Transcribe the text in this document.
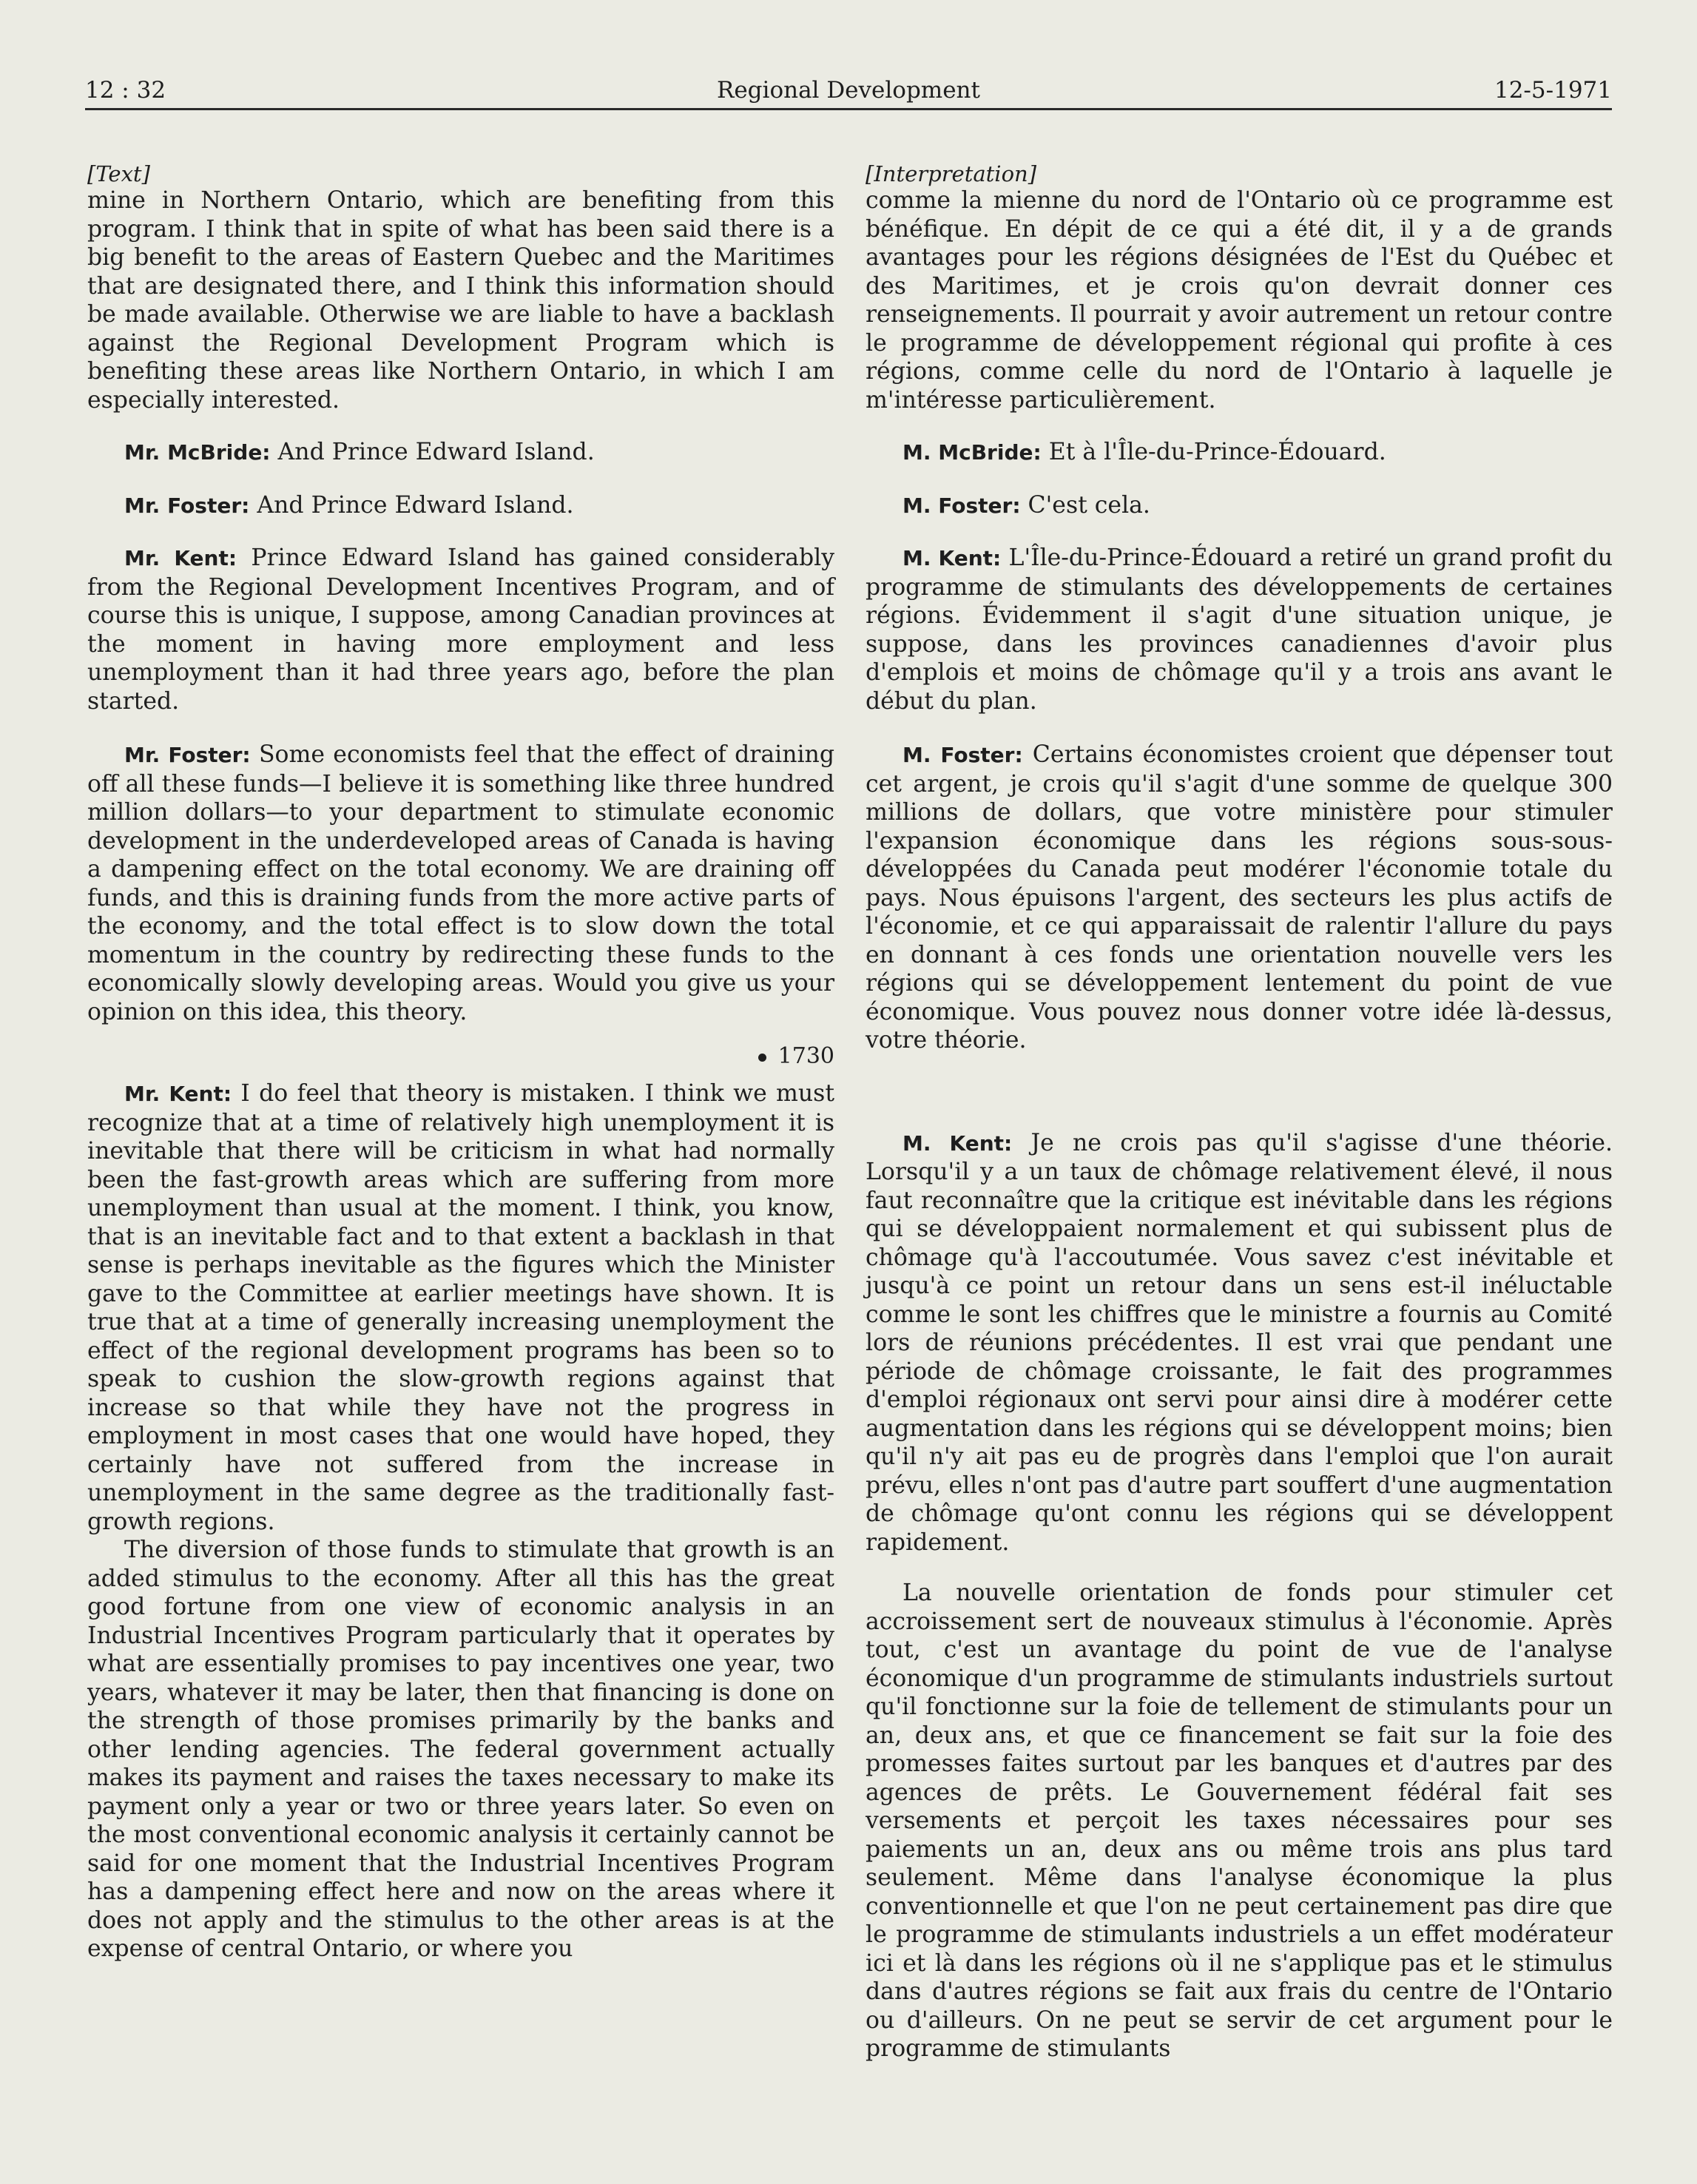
12 : 32	Regional Development	12-5-1971
[Text]

mine in Northern Ontario, which are benefiting from this program. I think that in spite of what has been said there is a big benefit to the areas of Eastern Quebec and the Maritimes that are designated there, and I think this information should be made available. Otherwise we are liable to have a backlash against the Regional Development Program which is benefiting these areas like Northern Ontario, in which I am especially interested.

Mr. McBride: And Prince Edward Island.

Mr. Foster: And Prince Edward Island.

Mr. Kent: Prince Edward Island has gained considerably from the Regional Development Incentives Program, and of course this is unique, I suppose, among Canadian provinces at the moment in having more employment and less unemployment than it had three years ago, before the plan started.

Mr. Foster: Some economists feel that the effect of draining off all these funds—I believe it is something like three hundred million dollars—to your department to stimulate economic development in the underdeveloped areas of Canada is having a dampening effect on the total economy. We are draining off funds, and this is draining funds from the more active parts of the economy, and the total effect is to slow down the total momentum in the country by redirecting these funds to the economically slowly developing areas. Would you give us your opinion on this idea, this theory.

1730

Mr. Kent: I do feel that theory is mistaken. I think we must recognize that at a time of relatively high unemployment it is inevitable that there will be criticism in what had normally been the fast-growth areas which are suffering from more unemployment than usual at the moment. I think, you know, that is an inevitable fact and to that extent a backlash in that sense is perhaps inevitable as the figures which the Minister gave to the Committee at earlier meetings have shown. It is true that at a time of generally increasing unemployment the effect of the regional development programs has been so to speak to cushion the slow-growth regions against that increase so that while they have not the progress in employment in most cases that one would have hoped, they certainly have not suffered from the increase in unemployment in the same degree as the traditionally fast-growth regions.

The diversion of those funds to stimulate that growth is an added stimulus to the economy. After all this has the great good fortune from one view of economic analysis in an Industrial Incentives Program particularly that it operates by what are essentially promises to pay incentives one year, two years, whatever it may be later, then that financing is done on the strength of those promises primarily by the banks and other lending agencies. The federal government actually makes its payment and raises the taxes necessary to make its payment only a year or two or three years later. So even on the most conventional economic analysis it certainly cannot be said for one moment that the Industrial Incentives Program has a dampening effect here and now on the areas where it does not apply and the stimulus to the other areas is at the expense of central Ontario, or where you

[Interpretation]

comme la mienne du nord de l'Ontario où ce programme est bénéfique. En dépit de ce qui a été dit, il y a de grands avantages pour les régions désignées de l'Est du Québec et des Maritimes, et je crois qu'on devrait donner ces renseignements. Il pourrait y avoir autrement un retour contre le programme de développement régional qui profite à ces régions, comme celle du nord de l'Ontario à laquelle je m'intéresse particulièrement.

M. McBride: Et à l'Île-du-Prince-Édouard.

M. Foster: C'est cela.

M. Kent: L'Île-du-Prince-Édouard a retiré un grand profit du programme de stimulants des développements de certaines régions. Évidemment il s'agit d'une situation unique, je suppose, dans les provinces canadiennes d'avoir plus d'emplois et moins de chômage qu'il y a trois ans avant le début du plan.

M. Foster: Certains économistes croient que dépenser tout cet argent, je crois qu'il s'agit d'une somme de quelque 300 millions de dollars, que votre ministère pour stimuler l'expansion économique dans les régions sous-sous-développées du Canada peut modérer l'économie totale du pays. Nous épuisons l'argent, des secteurs les plus actifs de l'économie, et ce qui apparaissait de ralentir l'allure du pays en donnant à ces fonds une orientation nouvelle vers les régions qui se développement lentement du point de vue économique. Vous pouvez nous donner votre idée là-dessus, votre théorie.

M. Kent: Je ne crois pas qu'il s'agisse d'une théorie. Lorsqu'il y a un taux de chômage relativement élevé, il nous faut reconnaître que la critique est inévitable dans les régions qui se développaient normalement et qui subissent plus de chômage qu'à l'accoutumée. Vous savez c'est inévitable et jusqu'à ce point un retour dans un sens est-il inéluctable comme le sont les chiffres que le ministre a fournis au Comité lors de réunions précédentes. Il est vrai que pendant une période de chômage croissante, le fait des programmes d'emploi régionaux ont servi pour ainsi dire à modérer cette augmentation dans les régions qui se développent moins; bien qu'il n'y ait pas eu de progrès dans l'emploi que l'on aurait prévu, elles n'ont pas d'autre part souffert d'une augmentation de chômage qu'ont connu les régions qui se développent rapidement.

La nouvelle orientation de fonds pour stimuler cet accroissement sert de nouveaux stimulus à l'économie. Après tout, c'est un avantage du point de vue de l'analyse économique d'un programme de stimulants industriels surtout qu'il fonctionne sur la foie de tellement de stimulants pour un an, deux ans, et que ce financement se fait sur la foie des promesses faites surtout par les banques et d'autres par des agences de prêts. Le Gouvernement fédéral fait ses versements et perçoit les taxes nécessaires pour ses paiements un an, deux ans ou même trois ans plus tard seulement. Même dans l'analyse économique la plus conventionnelle et que l'on ne peut certainement pas dire que le programme de stimulants industriels a un effet modérateur ici et là dans les régions où il ne s'applique pas et le stimulus dans d'autres régions se fait aux frais du centre de l'Ontario ou d'ailleurs. On ne peut se servir de cet argument pour le programme de stimulants
